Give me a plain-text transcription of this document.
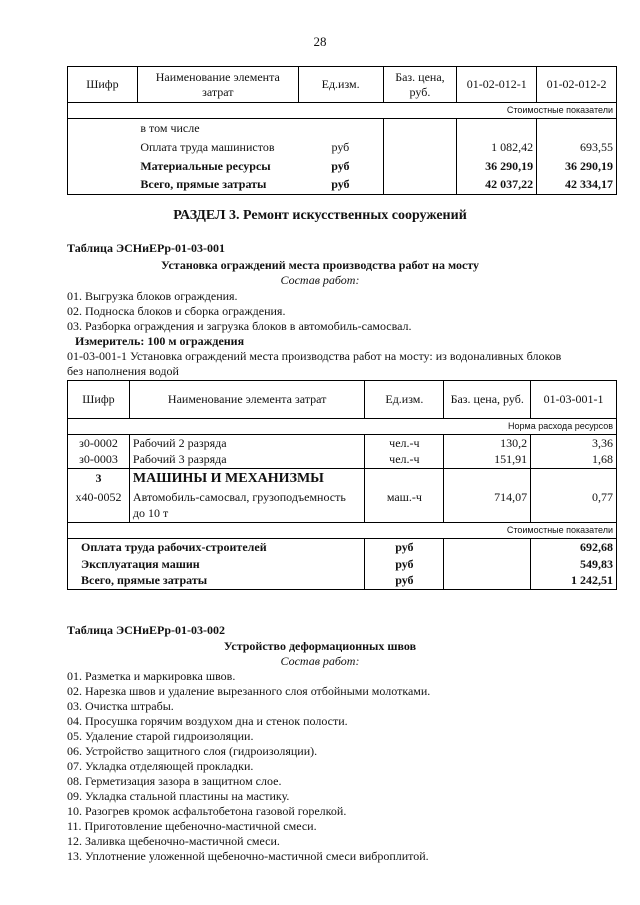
28
Шифр	Наименование элемента затрат	Ед.изм.	Баз. цена, руб.	01-02-012-1	01-02-012-2
Стоимостные показатели					
	в том числе				
	Оплата труда машинистов	руб		1 082,42	693,55
	Материальные ресурсы	руб		36 290,19	36 290,19
	Всего, прямые затраты	руб		42 037,22	42 334,17
РАЗДЕЛ 3. Ремонт искусственных сооружений
Таблица ЭСНиЕРр-01-03-001
Установка ограждений места производства работ на мосту
Состав работ:
01. Выгрузка блоков ограждения.
02. Подноска блоков и сборка ограждения.
03. Разборка ограждения и загрузка блоков в автомобиль-самосвал.
Измеритель: 100 м ограждения
01-03-001-1 Установка ограждений места производства работ на мосту: из водоналивных блоков
без наполнения водой
Шифр	Наименование элемента затрат	Ед.изм.	Баз. цена, руб.	01-03-001-1
Норма расхода ресурсов				
з0-0002	Рабочий 2 разряда	чел.-ч	130,2	3,36
з0-0003	Рабочий 3 разряда	чел.-ч	151,91	1,68
3	МАШИНЫ И МЕХАНИЗМЫ			
х40-0052	Автомобиль-самосвал, грузоподъемность	маш.-ч	714,07	0,77
	до 10 т			
Стоимостные показатели				
Оплата труда рабочих-строителей		руб		692,68
Эксплуатация машин		руб		549,83
Всего, прямые затраты		руб		1 242,51
Таблица ЭСНиЕРр-01-03-002
Устройство деформационных швов
Состав работ:
01. Разметка и маркировка швов.
02. Нарезка швов и удаление вырезанного слоя отбойными молотками.
03. Очистка штрабы.
04. Просушка горячим воздухом дна и стенок полости.
05. Удаление старой гидроизоляции.
06. Устройство защитного слоя (гидроизоляции).
07. Укладка отделяющей прокладки.
08. Герметизация зазора в защитном слое.
09. Укладка стальной пластины на мастику.
10. Разогрев кромок асфальтобетона газовой горелкой.
11. Приготовление щебеночно-мастичной смеси.
12. Заливка щебеночно-мастичной смеси.
13. Уплотнение уложенной щебеночно-мастичной смеси виброплитой.
